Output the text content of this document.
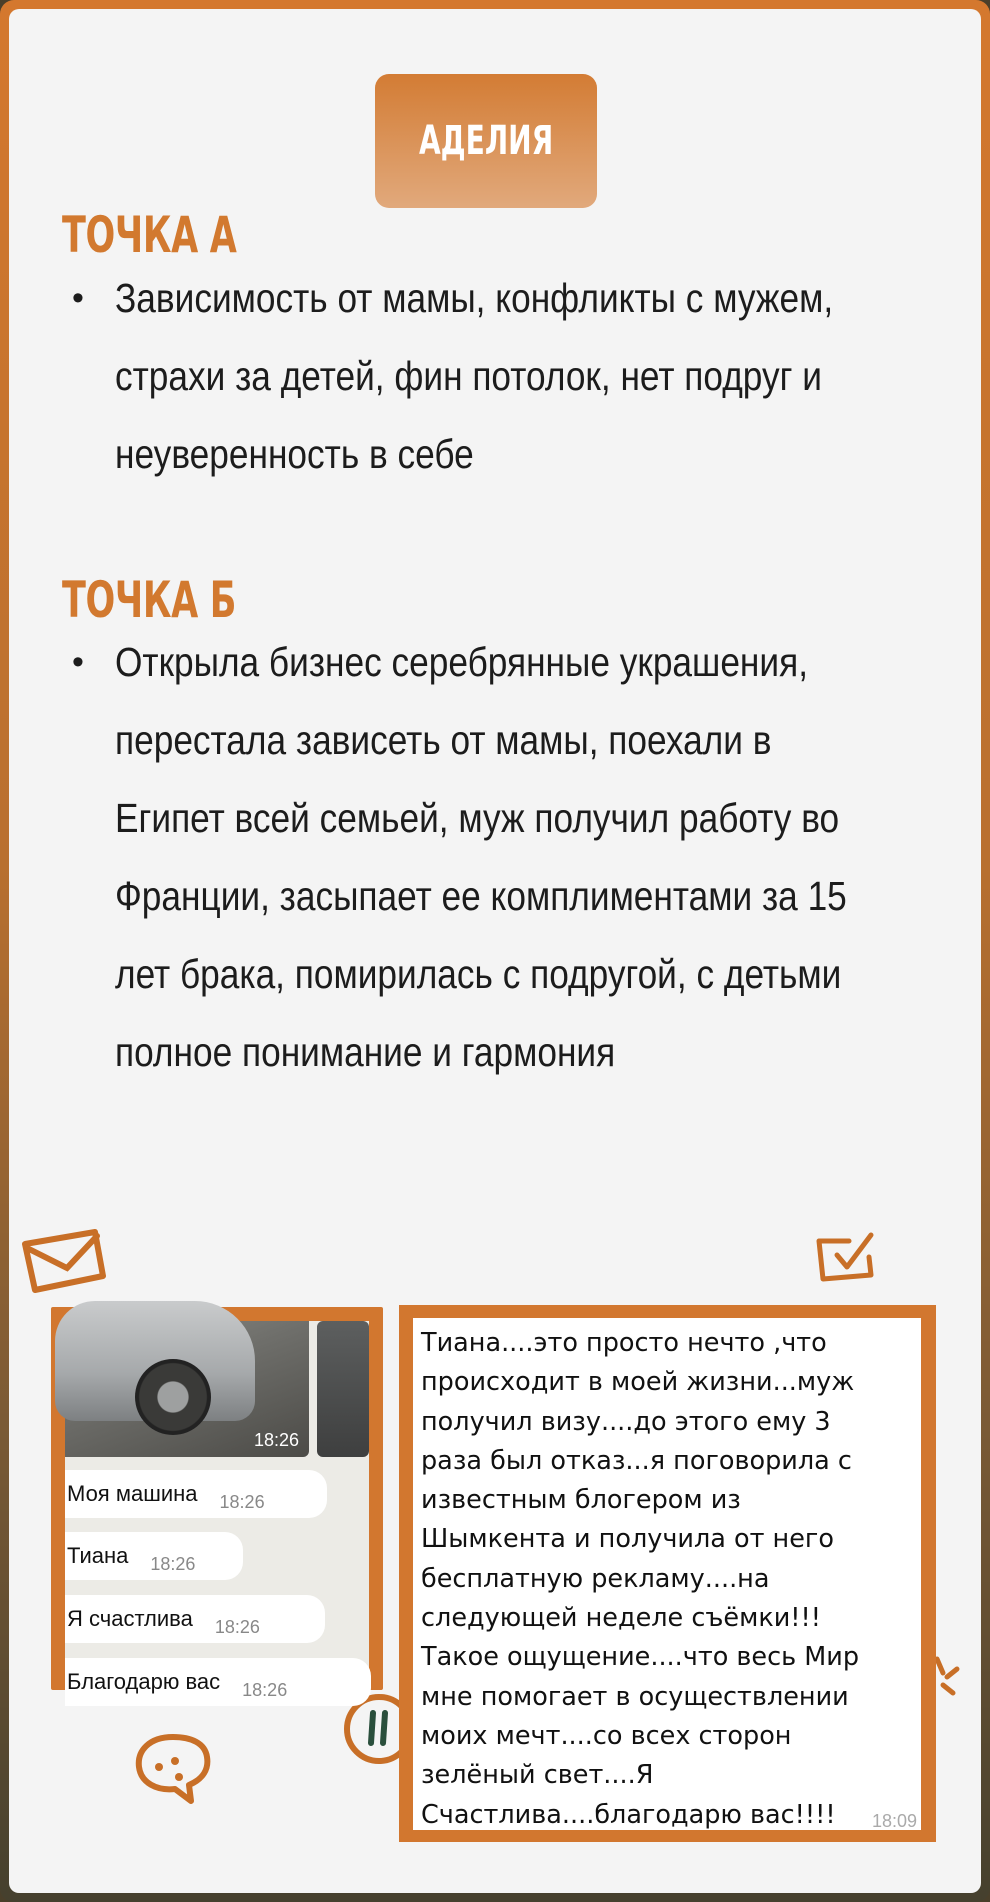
АДЕЛИЯ
ТОЧКА А
• Зависимость от мамы, конфликты с мужем, страхи за детей, фин потолок, нет подруг и неуверенность в себе
ТОЧКА Б
• Открыла бизнес серебрянные украшения, перестала зависеть от мамы, поехали в Египет всей семьей, муж получил работу во Франции, засыпает ее комплиментами за 15 лет брака, помирилась с подругой, с детьми полное понимание и гармония
18:26
Моя машина 18:26
Тиана 18:26
Я счастлива 18:26
Благодарю вас 18:26
Тиана....это просто нечто ,что
происходит в моей жизни...муж
получил визу....до этого ему 3
раза был отказ...я поговорила с
известным блогером из
Шымкента и получила от него
бесплатную рекламу....на
следующей неделе съёмки!!!
Такое ощущение....что весь Мир
мне помогает в осуществлении
моих мечт....со всех сторон
зелёный свет....Я
Счастлива....благодарю вас!!!!	18:09
